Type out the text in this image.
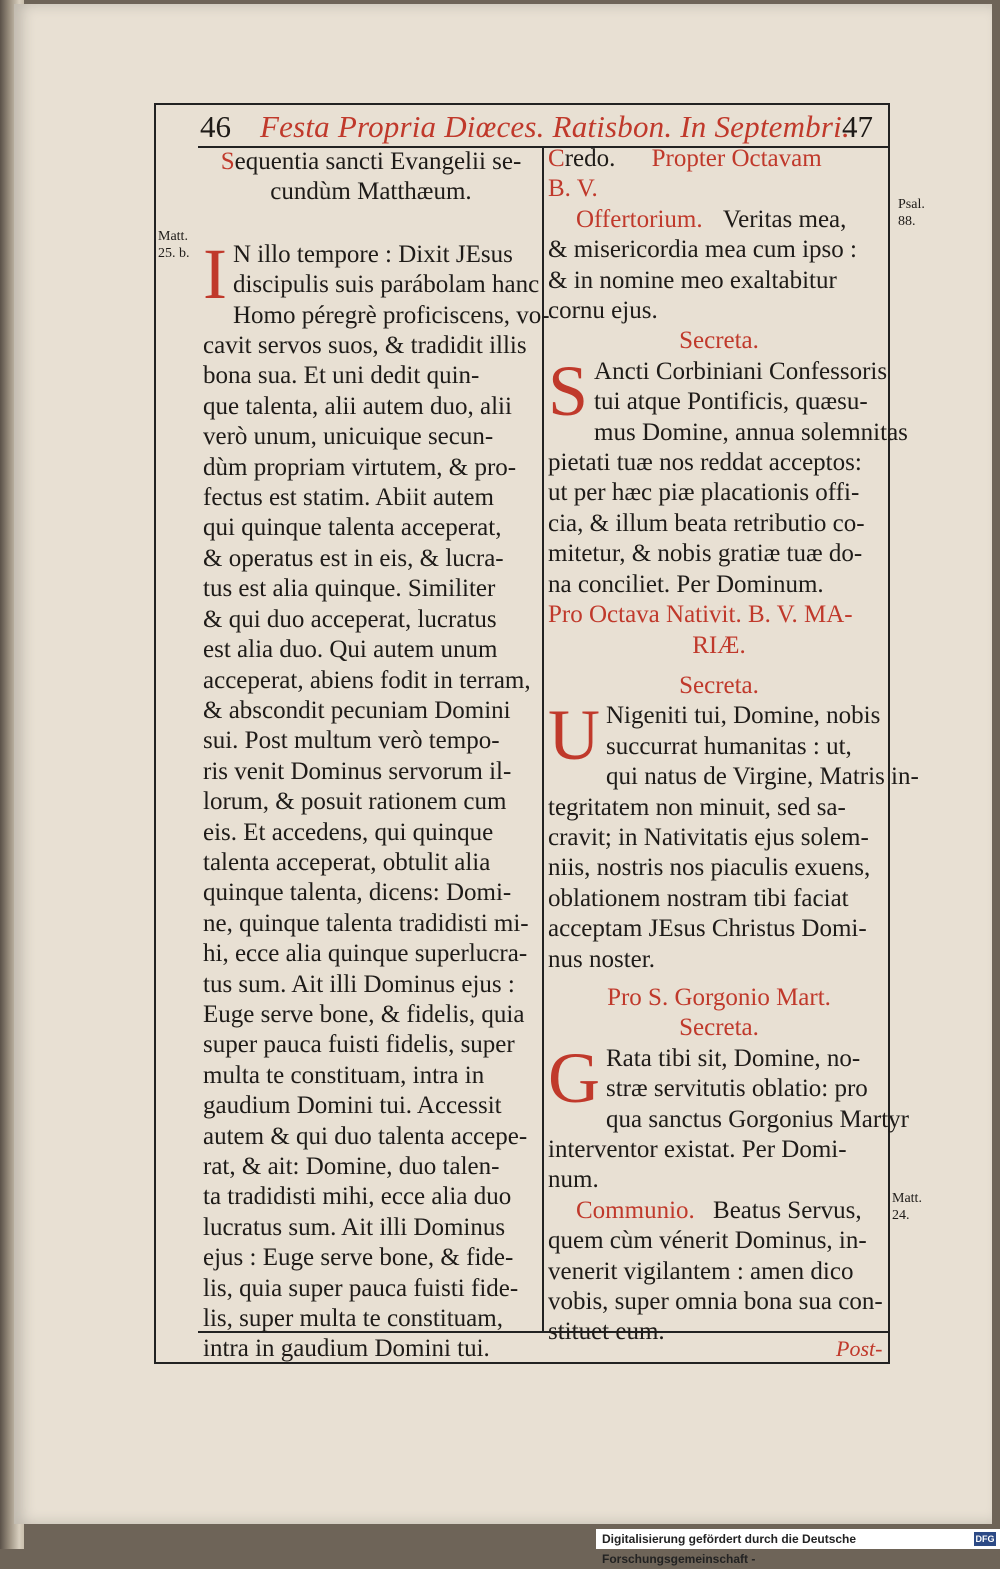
46 Festa Propria Diœces. Ratisbon. In Septembri.
47
Matt.
25. b.
Psal.
88.
Matt.
24.
Sequentia sancti Evangelii se-
cundùm Matthæum.
I N illo tempore : Dixit JEsus
discipulis suis parábolam hanc
Homo péregrè proficiscens, vo-
cavit servos suos, & tradidit illis
bona sua. Et uni dedit quin-
que talenta, alii autem duo, alii
verò unum, unicuique secun-
dùm propriam virtutem, & pro-
fectus est statim. Abiit autem
qui quinque talenta acceperat,
& operatus est in eis, & lucra-
tus est alia quinque. Similiter
& qui duo acceperat, lucratus
est alia duo. Qui autem unum
acceperat, abiens fodit in terram,
& abscondit pecuniam Domini
sui. Post multum verò tempo-
ris venit Dominus servorum il-
lorum, & posuit rationem cum
eis. Et accedens, qui quinque
talenta acceperat, obtulit alia
quinque talenta, dicens: Domi-
ne, quinque talenta tradidisti mi-
hi, ecce alia quinque superlucra-
tus sum. Ait illi Dominus ejus :
Euge serve bone, & fidelis, quia
super pauca fuisti fidelis, super
multa te constituam, intra in
gaudium Domini tui. Accessit
autem & qui duo talenta accepe-
rat, & ait: Domine, duo talen-
ta tradidisti mihi, ecce alia duo
lucratus sum. Ait illi Dominus
ejus : Euge serve bone, & fide-
lis, quia super pauca fuisti fide-
lis, super multa te constituam,
intra in gaudium Domini tui.
Credo. Propter Octavam
B. V.
Offertorium. Veritas mea,
& misericordia mea cum ipso :
& in nomine meo exaltabitur
cornu ejus.
Secreta.
S Ancti Corbiniani Confessoris
tui atque Pontificis, quæsu-
mus Domine, annua solemnitas
pietati tuæ nos reddat acceptos:
ut per hæc piæ placationis offi-
cia, & illum beata retributio co-
mitetur, & nobis gratiæ tuæ do-
na conciliet. Per Dominum.
Pro Octava Nativit. B. V. MA-
RIÆ.
Secreta.
U Nigeniti tui, Domine, nobis
succurrat humanitas : ut,
qui natus de Virgine, Matris in-
tegritatem non minuit, sed sa-
cravit; in Nativitatis ejus solem-
niis, nostris nos piaculis exuens,
oblationem nostram tibi faciat
acceptam JEsus Christus Domi-
nus noster.
Pro S. Gorgonio Mart.
Secreta.
G Rata tibi sit, Domine, no-
stræ servitutis oblatio: pro
qua sanctus Gorgonius Martyr
interventor existat. Per Domi-
num.
Communio. Beatus Servus,
quem cùm vénerit Dominus, in-
venerit vigilantem : amen dico
vobis, super omnia bona sua con-
stituet eum.
Post-
Digitalisierung gefördert durch die Deutsche Forschungsgemeinschaft -
DFG
